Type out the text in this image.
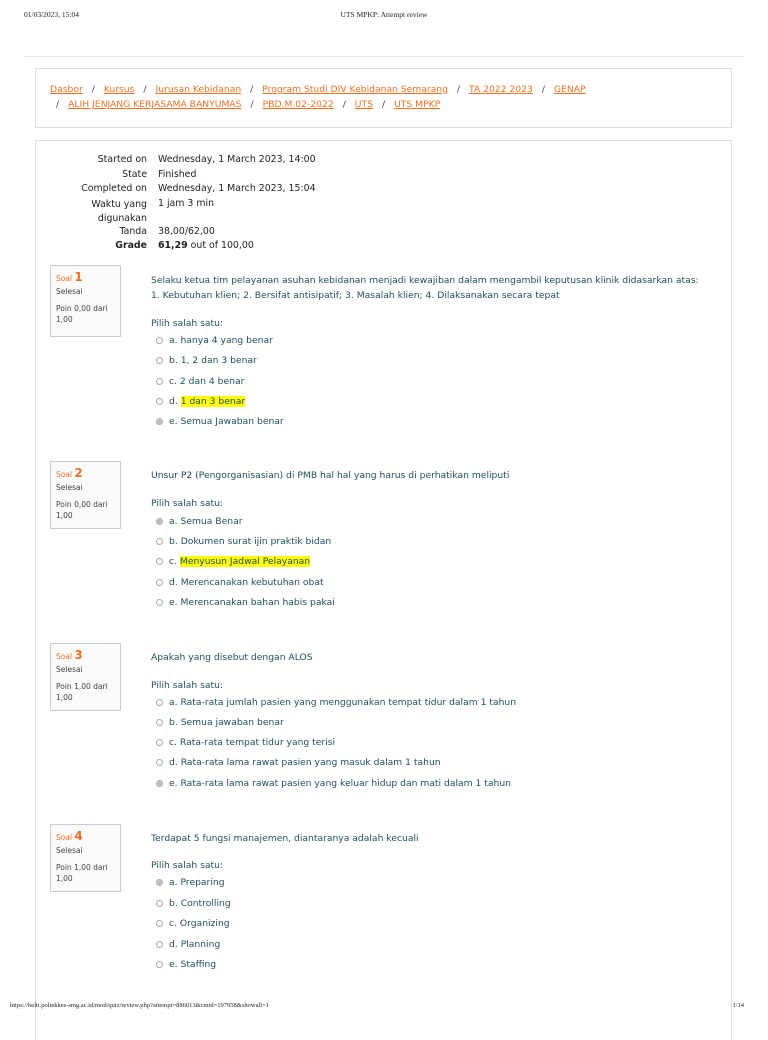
01/03/2023, 15:04	UTS MPKP: Attempt review
Dasbor / Kursus / Jurusan Kebidanan / Program Studi DIV Kebidanan Semarang / TA 2022 2023 / GENAP
/ ALIH JENJANG KERJASAMA BANYUMAS / PBD.M.02-2022 / UTS / UTS MPKP
Started on Wednesday, 1 March 2023, 14:00
State Finished
Completed on Wednesday, 1 March 2023, 15:04
Waktu yang
digunakan
1 jam 3 min
Tanda 38,00/62,00
Grade 61,29 out of 100,00
Soal 1
Selesai
Poin 0,00 dari 1,00
Selaku ketua tim pelayanan asuhan kebidanan menjadi kewajiban dalam mengambil keputusan klinik didasarkan atas:
1. Kebutuhan klien; 2. Bersifat antisipatif; 3. Masalah klien; 4. Dilaksanakan secara tepat
Pilih salah satu:
a. hanya 4 yang benar
b. 1, 2 dan 3 benar
c. 2 dan 4 benar
d. 1 dan 3 benar
e. Semua Jawaban benar
Soal 2
Selesai
Poin 0,00 dari 1,00
Unsur P2 (Pengorganisasian) di PMB hal hal yang harus di perhatikan meliputi
Pilih salah satu:
a. Semua Benar
b. Dokumen surat ijin praktik bidan
c. Menyusun Jadwal Pelayanan
d. Merencanakan kebutuhan obat
e. Merencanakan bahan habis pakai
Soal 3
Selesai
Poin 1,00 dari 1,00
Apakah yang disebut dengan ALOS
Pilih salah satu:
a. Rata-rata jumlah pasien yang menggunakan tempat tidur dalam 1 tahun
b. Semua jawaban benar
c. Rata-rata tempat tidur yang terisi
d. Rata-rata lama rawat pasien yang masuk dalam 1 tahun
e. Rata-rata lama rawat pasien yang keluar hidup dan mati dalam 1 tahun
Soal 4
Selesai
Poin 1,00 dari 1,00
Terdapat 5 fungsi manajemen, diantaranya adalah kecuali
Pilih salah satu:
a. Preparing
b. Controlling
c. Organizing
d. Planning
e. Staffing
https://helti.poltekkes-smg.ac.id/mod/quiz/review.php?attempt=886013&cmid=197958&showall=1	1/14
